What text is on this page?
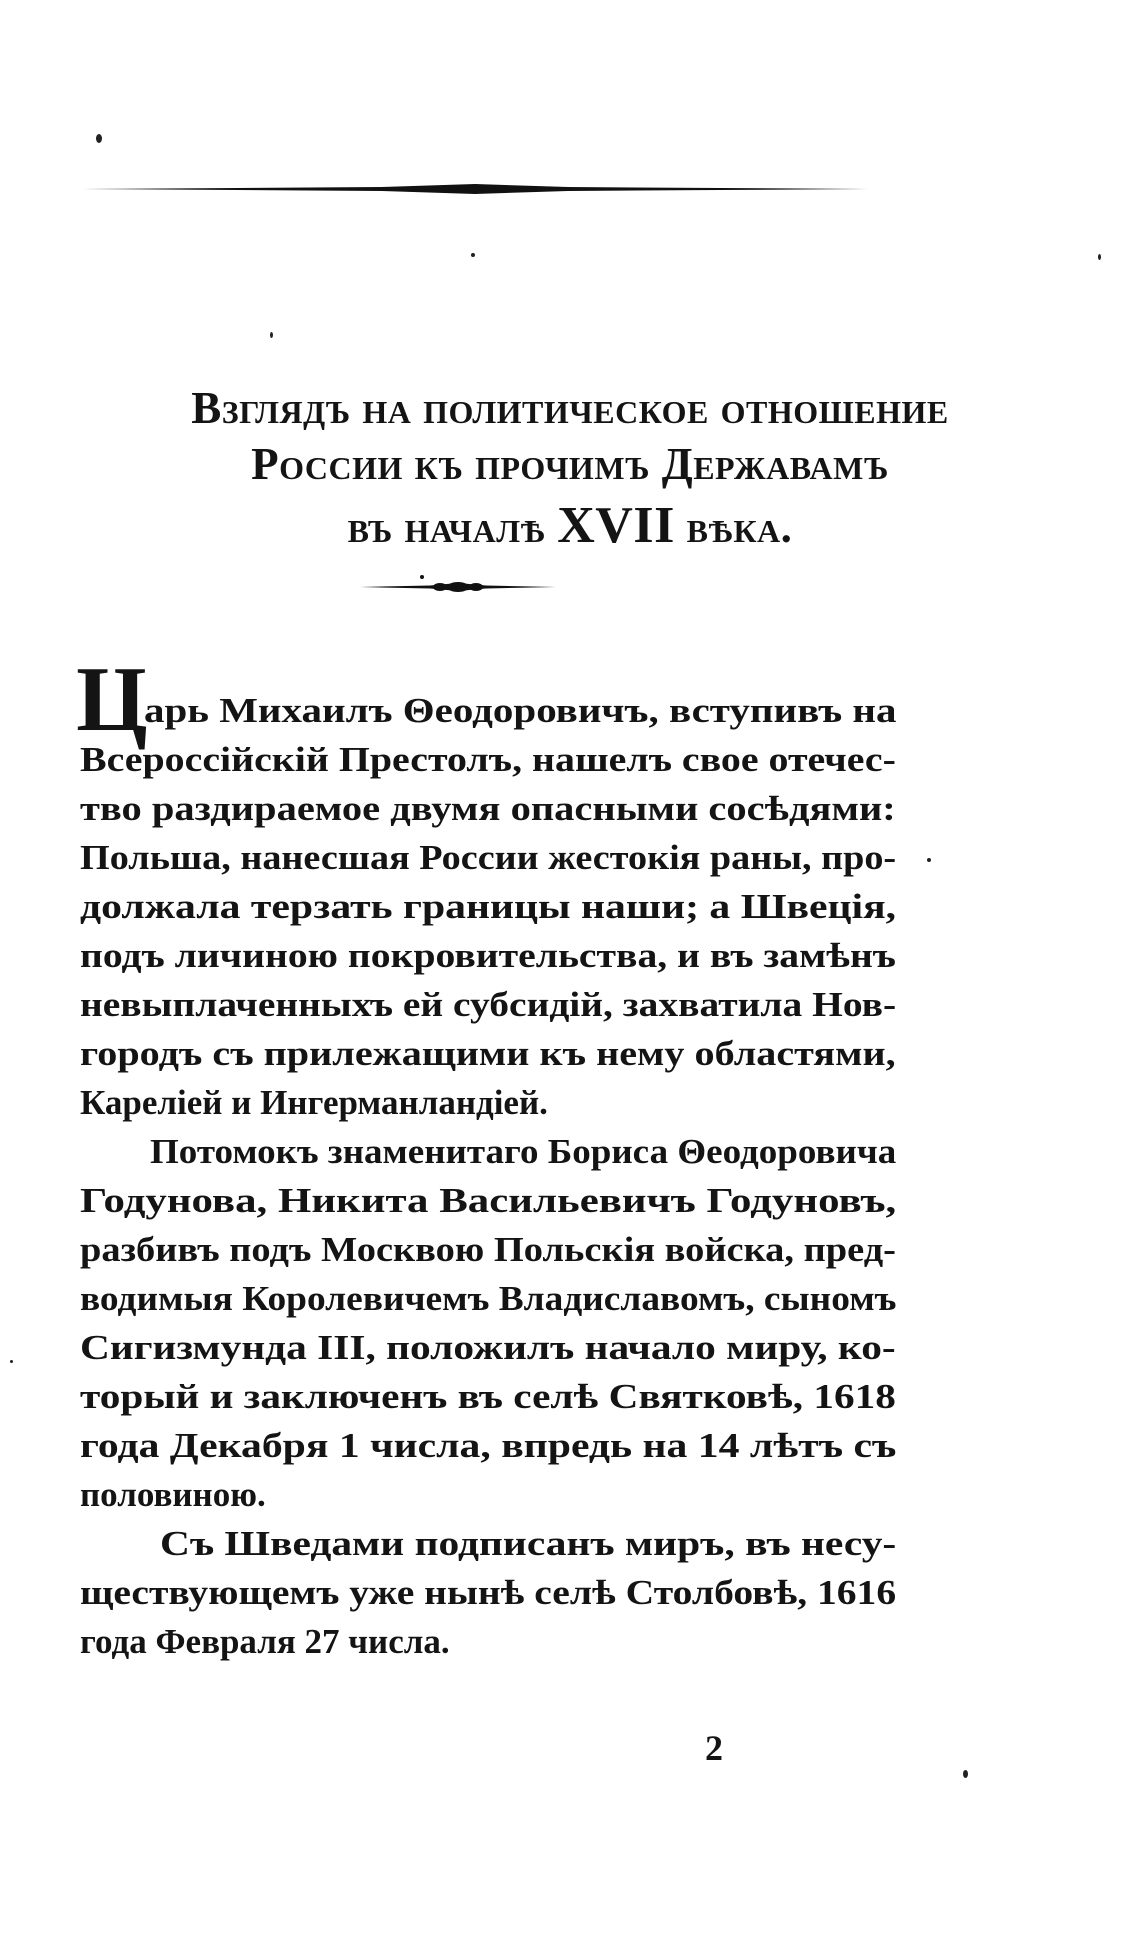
Взглядъ на политическое отношение
России къ прочимъ Державамъ
въ началѣ XVII вѣка.
Ц
арь Михаилъ Θеодоровичъ, вступивъ на
Всероссiйскiй Престолъ, нашелъ свое отечес-
тво раздираемое двумя опасными сосѣдями:
Польша, нанесшая России жестокiя раны, про-
должала терзать границы наши; а Швецiя,
подъ личиною покровительства, и въ замѣнъ
невыплаченныхъ ей субсидiй, захватила Нов-
городъ съ прилежащими къ нему областями,
Карелiей и Ингерманландiей.
Потомокъ знаменитаго Бориса Θеодоровича
Годунова, Никита Васильевичъ Годуновъ,
разбивъ подъ Москвою Польскiя войска, пред-
водимыя Королевичемъ Владиславомъ, сыномъ
Сигизмунда III, положилъ начало миру, ко-
торый и заключенъ въ селѣ Святковѣ, 1618
года Декабря 1 числа, впредь на 14 лѣтъ съ
половиною.
Съ Шведами подписанъ миръ, въ несу-
ществующемъ уже нынѣ селѣ Столбовѣ, 1616
года Февраля 27 числа.
2
